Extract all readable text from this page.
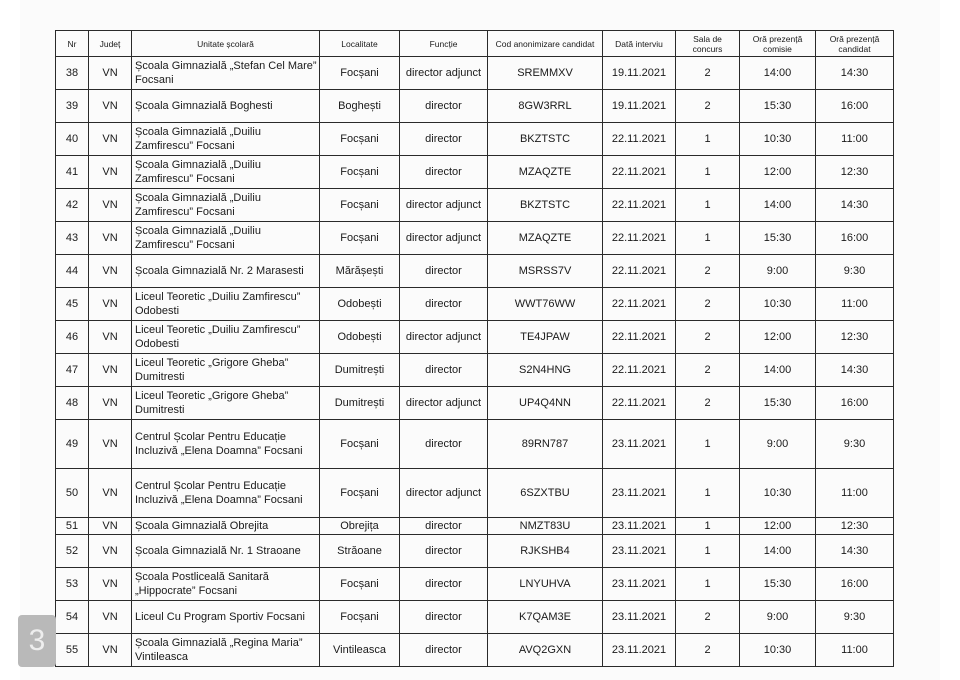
Nr	Județ	Unitate școlară	Localitate	Funcție	Cod anonimizare candidat	Dată interviu	Sala de concurs	Oră prezență comisie	Oră prezență candidat
38	VN	Școala Gimnazială „Stefan Cel Mare” Focsani	Focșani	director adjunct	SREMMXV	19.11.2021	2	14:00	14:30
39	VN	Școala Gimnazială Boghesti	Boghești	director	8GW3RRL	19.11.2021	2	15:30	16:00
40	VN	Școala Gimnazială „Duiliu Zamfirescu” Focsani	Focșani	director	BKZTSTC	22.11.2021	1	10:30	11:00
41	VN	Școala Gimnazială „Duiliu Zamfirescu” Focsani	Focșani	director	MZAQZTE	22.11.2021	1	12:00	12:30
42	VN	Școala Gimnazială „Duiliu Zamfirescu” Focsani	Focșani	director adjunct	BKZTSTC	22.11.2021	1	14:00	14:30
43	VN	Școala Gimnazială „Duiliu Zamfirescu” Focsani	Focșani	director adjunct	MZAQZTE	22.11.2021	1	15:30	16:00
44	VN	Școala Gimnazială Nr. 2 Marasesti	Mărășești	director	MSRSS7V	22.11.2021	2	9:00	9:30
45	VN	Liceul Teoretic „Duiliu Zamfirescu” Odobesti	Odobești	director	WWT76WW	22.11.2021	2	10:30	11:00
46	VN	Liceul Teoretic „Duiliu Zamfirescu” Odobesti	Odobești	director adjunct	TE4JPAW	22.11.2021	2	12:00	12:30
47	VN	Liceul Teoretic „Grigore Gheba” Dumitresti	Dumitrești	director	S2N4HNG	22.11.2021	2	14:00	14:30
48	VN	Liceul Teoretic „Grigore Gheba” Dumitresti	Dumitrești	director adjunct	UP4Q4NN	22.11.2021	2	15:30	16:00
49	VN	Centrul Școlar Pentru Educație Incluzivă „Elena Doamna” Focsani	Focșani	director	89RN787	23.11.2021	1	9:00	9:30
50	VN	Centrul Școlar Pentru Educație Incluzivă „Elena Doamna” Focsani	Focșani	director adjunct	6SZXTBU	23.11.2021	1	10:30	11:00
51	VN	Școala Gimnazială Obrejita	Obrejița	director	NMZT83U	23.11.2021	1	12:00	12:30
52	VN	Școala Gimnazială Nr. 1 Straoane	Străoane	director	RJKSHB4	23.11.2021	1	14:00	14:30
53	VN	Școala Postliceală Sanitară „Hippocrate” Focsani	Focșani	director	LNYUHVA	23.11.2021	1	15:30	16:00
54	VN	Liceul Cu Program Sportiv Focsani	Focșani	director	K7QAM3E	23.11.2021	2	9:00	9:30
55	VN	Școala Gimnazială „Regina Maria” Vintileasca	Vintileasca	director	AVQ2GXN	23.11.2021	2	10:30	11:00
3
